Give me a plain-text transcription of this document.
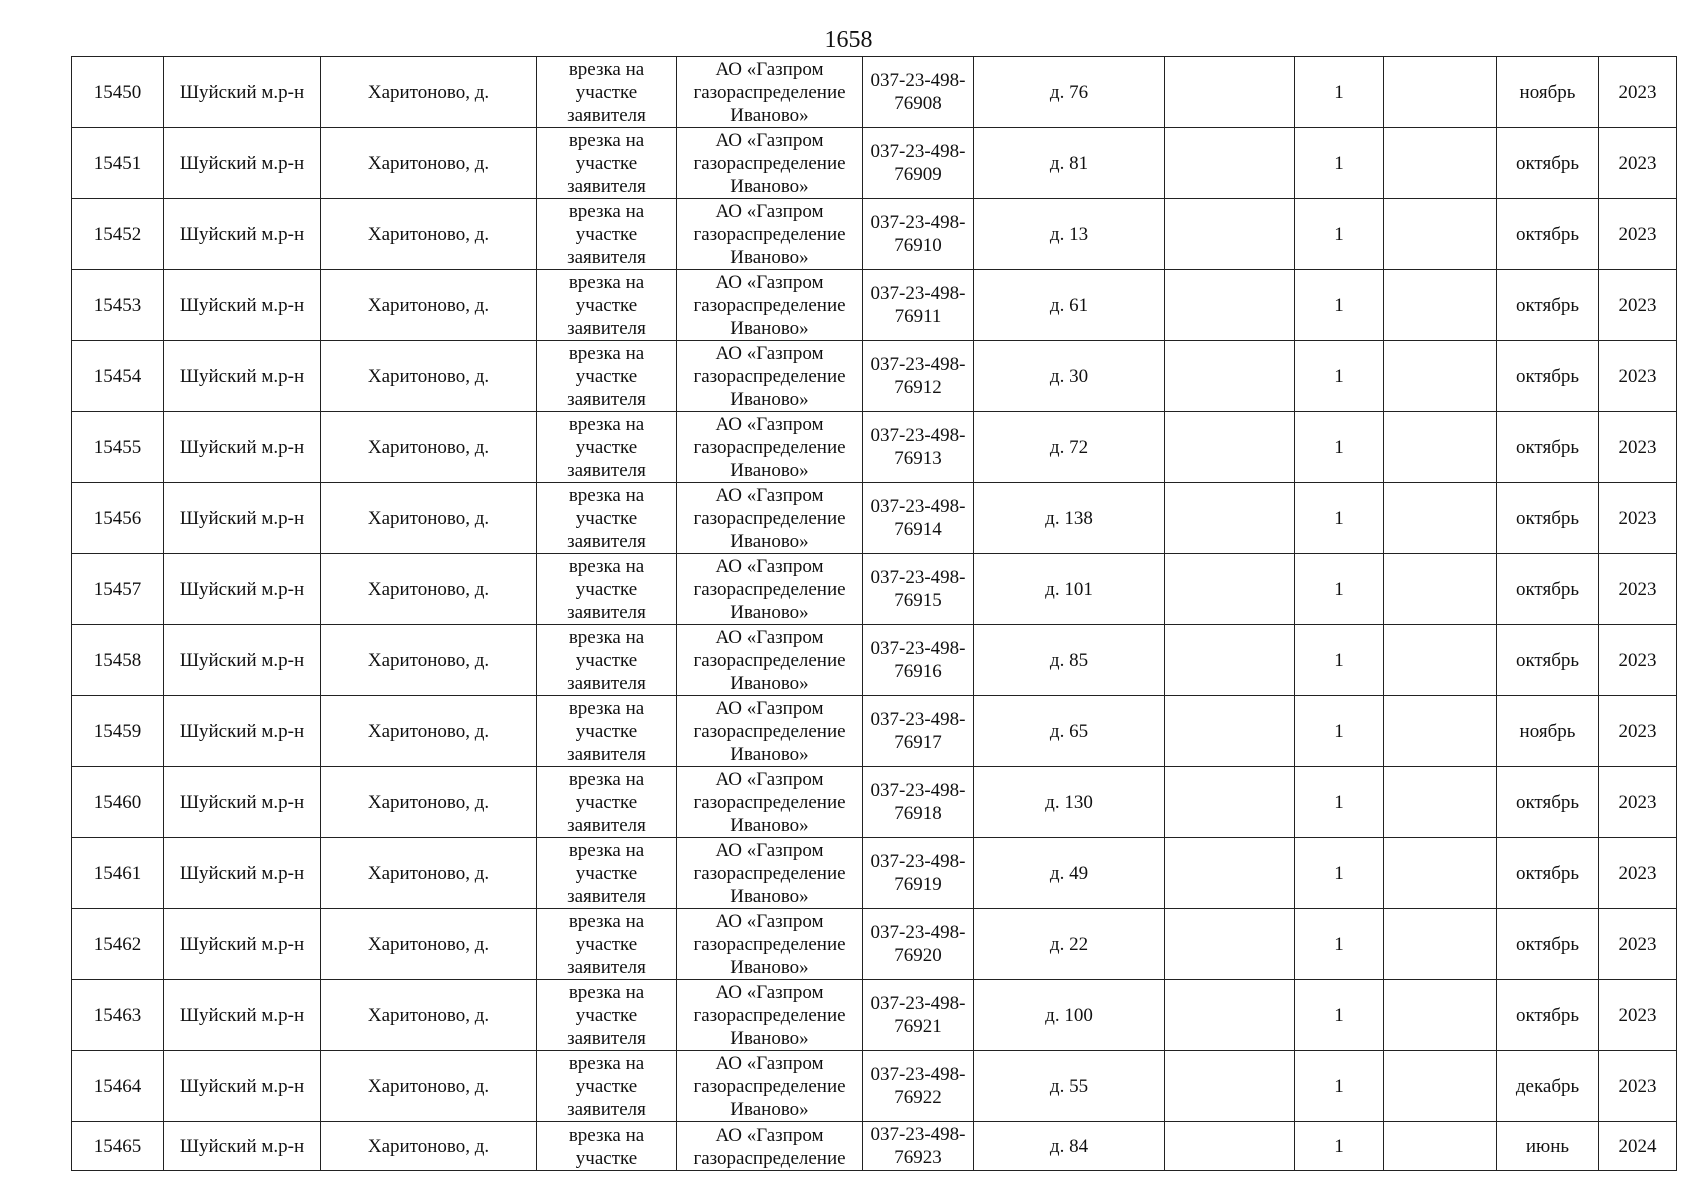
1658
15450	Шуйский м.р-н	Харитоново, д.	врезка на участке заявителя	АО «Газпром газораспределение Иваново»	037-23-498-76908	д. 76		1		ноябрь	2023
15451	Шуйский м.р-н	Харитоново, д.	врезка на участке заявителя	АО «Газпром газораспределение Иваново»	037-23-498-76909	д. 81		1		октябрь	2023
15452	Шуйский м.р-н	Харитоново, д.	врезка на участке заявителя	АО «Газпром газораспределение Иваново»	037-23-498-76910	д. 13		1		октябрь	2023
15453	Шуйский м.р-н	Харитоново, д.	врезка на участке заявителя	АО «Газпром газораспределение Иваново»	037-23-498-76911	д. 61		1		октябрь	2023
15454	Шуйский м.р-н	Харитоново, д.	врезка на участке заявителя	АО «Газпром газораспределение Иваново»	037-23-498-76912	д. 30		1		октябрь	2023
15455	Шуйский м.р-н	Харитоново, д.	врезка на участке заявителя	АО «Газпром газораспределение Иваново»	037-23-498-76913	д. 72		1		октябрь	2023
15456	Шуйский м.р-н	Харитоново, д.	врезка на участке заявителя	АО «Газпром газораспределение Иваново»	037-23-498-76914	д. 138		1		октябрь	2023
15457	Шуйский м.р-н	Харитоново, д.	врезка на участке заявителя	АО «Газпром газораспределение Иваново»	037-23-498-76915	д. 101		1		октябрь	2023
15458	Шуйский м.р-н	Харитоново, д.	врезка на участке заявителя	АО «Газпром газораспределение Иваново»	037-23-498-76916	д. 85		1		октябрь	2023
15459	Шуйский м.р-н	Харитоново, д.	врезка на участке заявителя	АО «Газпром газораспределение Иваново»	037-23-498-76917	д. 65		1		ноябрь	2023
15460	Шуйский м.р-н	Харитоново, д.	врезка на участке заявителя	АО «Газпром газораспределение Иваново»	037-23-498-76918	д. 130		1		октябрь	2023
15461	Шуйский м.р-н	Харитоново, д.	врезка на участке заявителя	АО «Газпром газораспределение Иваново»	037-23-498-76919	д. 49		1		октябрь	2023
15462	Шуйский м.р-н	Харитоново, д.	врезка на участке заявителя	АО «Газпром газораспределение Иваново»	037-23-498-76920	д. 22		1		октябрь	2023
15463	Шуйский м.р-н	Харитоново, д.	врезка на участке заявителя	АО «Газпром газораспределение Иваново»	037-23-498-76921	д. 100		1		октябрь	2023
15464	Шуйский м.р-н	Харитоново, д.	врезка на участке заявителя	АО «Газпром газораспределение Иваново»	037-23-498-76922	д. 55		1		декабрь	2023
15465	Шуйский м.р-н	Харитоново, д.	врезка на участке	АО «Газпром газораспределение	037-23-498-76923	д. 84		1		июнь	2024
